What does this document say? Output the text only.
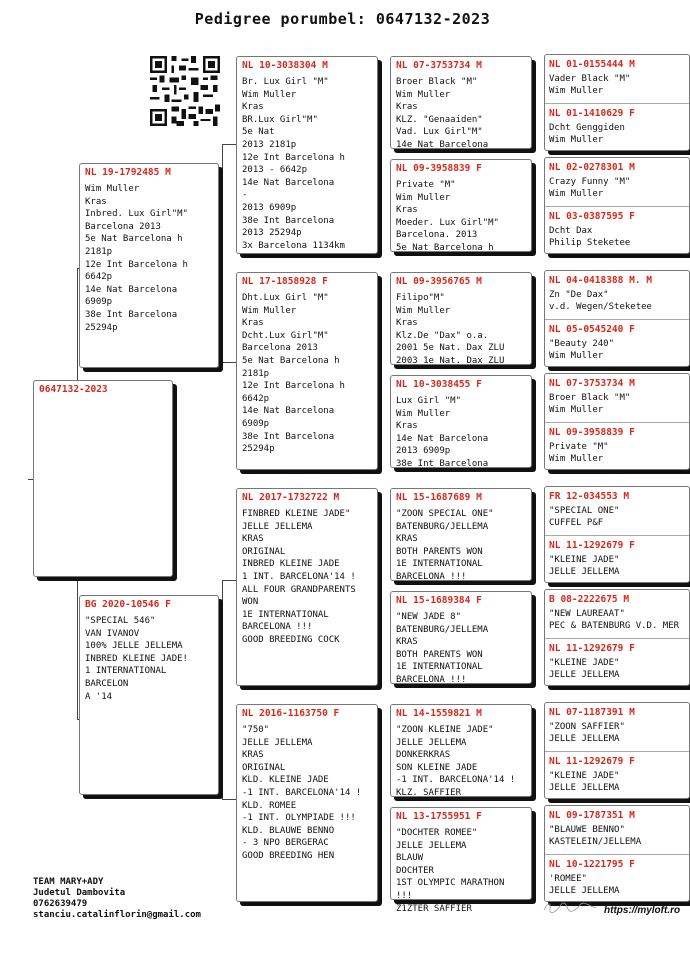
Pedigree porumbel: 0647132-2023
0647132-2023
NL 19-1792485 M
Wim Muller
Kras
Inbred. Lux Girl"M"
Barcelona 2013
5e Nat Barcelona h
2181p
12e Int Barcelona h
6642p
14e Nat Barcelona
6909p
38e Int Barcelona
25294p
BG 2020-10546 F
"SPECIAL 546"
VAN IVANOV
100% JELLE JELLEMA
INBRED KLEINE JADE!
1 INTERNATIONAL BARCELON
A '14
NL 10-3038304 M
Br. Lux Girl "M"
Wim Muller
Kras
BR.Lux Girl"M"
5e Nat
2013 2181p
12e Int Barcelona h
2013 - 6642p
14e Nat Barcelona
-
2013 6909p
38e Int Barcelona
2013 25294p
3x Barcelona 1134km
NL 17-1858928 F
Dht.Lux Girl "M"
Wim Muller
Kras
Dcht.Lux Girl"M"
Barcelona 2013
5e Nat Barcelona h
2181p
12e Int Barcelona h
6642p
14e Nat Barcelona
6909p
38e Int Barcelona
25294p
NL 2017-1732722 M
FINBRED KLEINE JADE"
JELLE JELLEMA
KRAS
ORIGINAL
INBRED KLEINE JADE
1 INT. BARCELONA'14 !
ALL FOUR GRANDPARENTS
WON
1E INTERNATIONAL
BARCELONA !!!
GOOD BREEDING COCK
NL 2016-1163750 F
"750"
JELLE JELLEMA
KRAS
ORIGINAL
KLD. KLEINE JADE
-1 INT. BARCELONA'14 !
KLD. ROMEE
-1 INT. OLYMPIADE !!!
KLD. BLAUWE BENNO
- 3 NPO BERGERAC
GOOD BREEDING HEN
NL 07-3753734 M
Broer Black "M"
Wim Muller
Kras
KLZ. "Genaaiden"
Vad. Lux Girl"M"
14e Nat Barcelona
NL 09-3958839 F
Private "M"
Wim Muller
Kras
Moeder. Lux Girl"M"
Barcelona. 2013
5e Nat Barcelona h
NL 09-3956765 M
Filipo"M"
Wim Muller
Kras
Klz.De "Dax" o.a.
2001 5e Nat. Dax ZLU
2003 1e Nat. Dax ZLU
NL 10-3038455 F
Lux Girl "M"
Wim Muller
Kras
14e Nat Barcelona
2013 6909p
38e Int Barcelona
NL 15-1687689 M
"ZOON SPECIAL ONE"
BATENBURG/JELLEMA
KRAS
BOTH PARENTS WON
1E INTERNATIONAL
BARCELONA !!!
NL 15-1689384 F
"NEW JADE 8"
BATENBURG/JELLEMA
KRAS
BOTH PARENTS WON
1E INTERNATIONAL
BARCELONA !!!
NL 14-1559821 M
"ZOON KLEINE JADE"
JELLE JELLEMA
DONKERKRAS
SON KLEINE JADE
-1 INT. BARCELONA'14 !
KLZ. SAFFIER
NL 13-1755951 F
"DOCHTER ROMEE"
JELLE JELLEMA
BLAUW
DOCHTER
1ST OLYMPIC MARATHON !!!
Z1ZTER SAFFIER
NL 01-0155444 M
Vader Black "M"
Wim Muller
NL 01-1410629 F
Dcht Genggiden
Wim Muller
NL 02-0278301 M
Crazy Funny "M"
Wim Muller
NL 03-0387595 F
Dcht Dax
Philip Steketee
NL 04-0418388 M. M
Zn "De Dax"
v.d. Wegen/Steketee
NL 05-0545240 F
"Beauty 240"
Wim Muller
NL 07-3753734 M
Broer Black "M"
Wim Muller
NL 09-3958839 F
Private "M"
Wim Muller
FR 12-034553 M
"SPECIAL ONE"
CUFFEL P&F
NL 11-1292679 F
"KLEINE JADE"
JELLE JELLEMA
B 08-2222675 M
"NEW LAUREAAT"
PEC & BATENBURG V.D. MER
NL 11-1292679 F
"KLEINE JADE"
JELLE JELLEMA
NL 07-1187391 M
"ZOON SAFFIER"
JELLE JELLEMA
NL 11-1292679 F
"KLEINE JADE"
JELLE JELLEMA
NL 09-1787351 M
"BLAUWE BENNO"
KASTELEIN/JELLEMA
NL 10-1221795 F
'ROMEE"
JELLE JELLEMA
TEAM MARY+ADY
Judetul Dambovita
0762639479
stanciu.catalinflorin@gmail.com	https://myloft.ro
